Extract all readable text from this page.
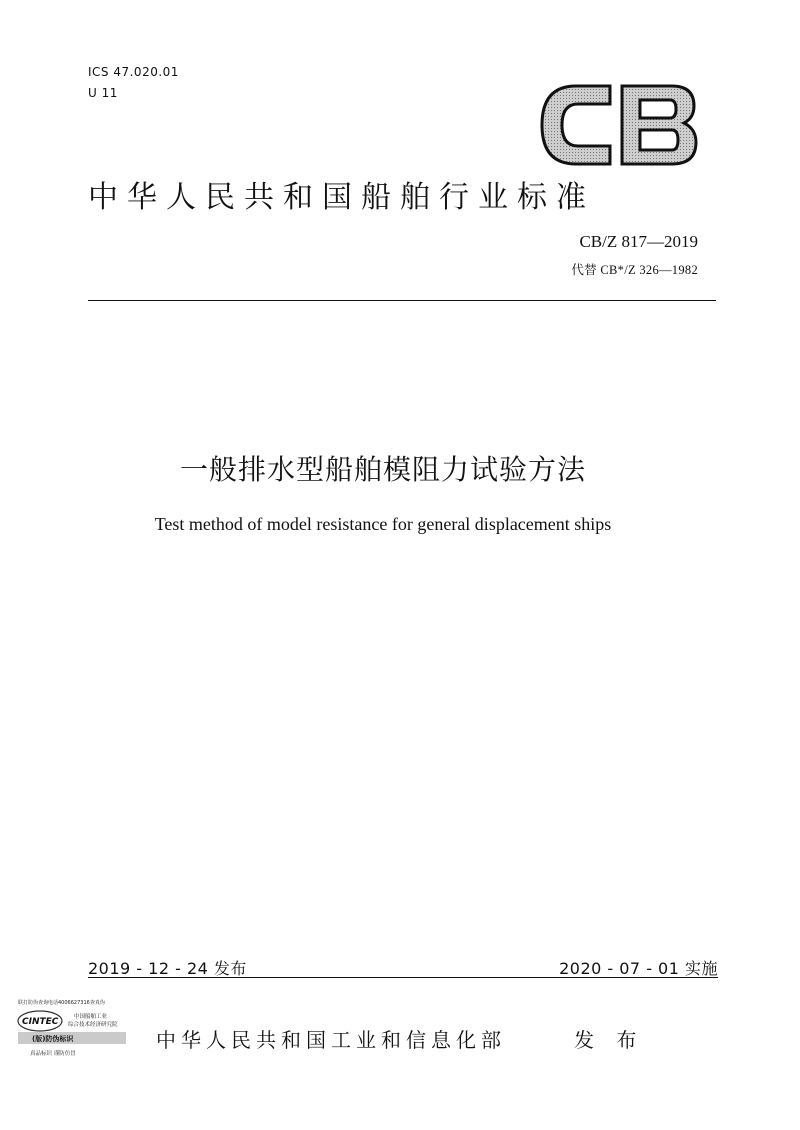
ICS 47.020.01
U 11
CB
中华人民共和国船舶行业标准
CB/Z 817—2019
代替 CB*/Z 326—1982
一般排水型船舶模阻力试验方法
Test method of model resistance for general displacement ships
2019 - 12 - 24 发布	2020 - 07 - 01 实施
联打防伪查询电话4006627316查真伪
CINTEC	中国船舶工业
综合技术经济研究院
(版)防伪标识
真品标识 谨防仿冒
中华人民共和国工业和信息化部	发 布
